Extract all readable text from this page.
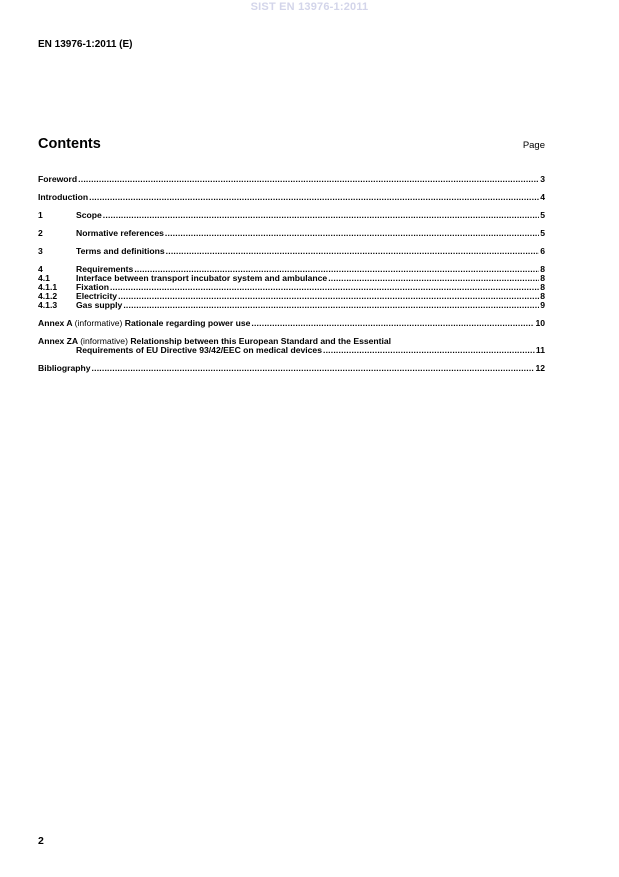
SIST EN 13976-1:2011
EN 13976-1:2011 (E)
Contents	Page
Foreword .....	3
Introduction .....	4
1	Scope .....	5
2	Normative references .....	5
3	Terms and definitions .....	6
4	Requirements .....	8
4.1	Interface between transport incubator system and ambulance .....	8
4.1.1	Fixation .....	8
4.1.2	Electricity .....	8
4.1.3	Gas supply .....	9
Annex A (informative) Rationale regarding power use .....	10
Annex ZA (informative) Relationship between this European Standard and the Essential
Requirements of EU Directive 93/42/EEC on medical devices .....	11
Bibliography .....	12
2
